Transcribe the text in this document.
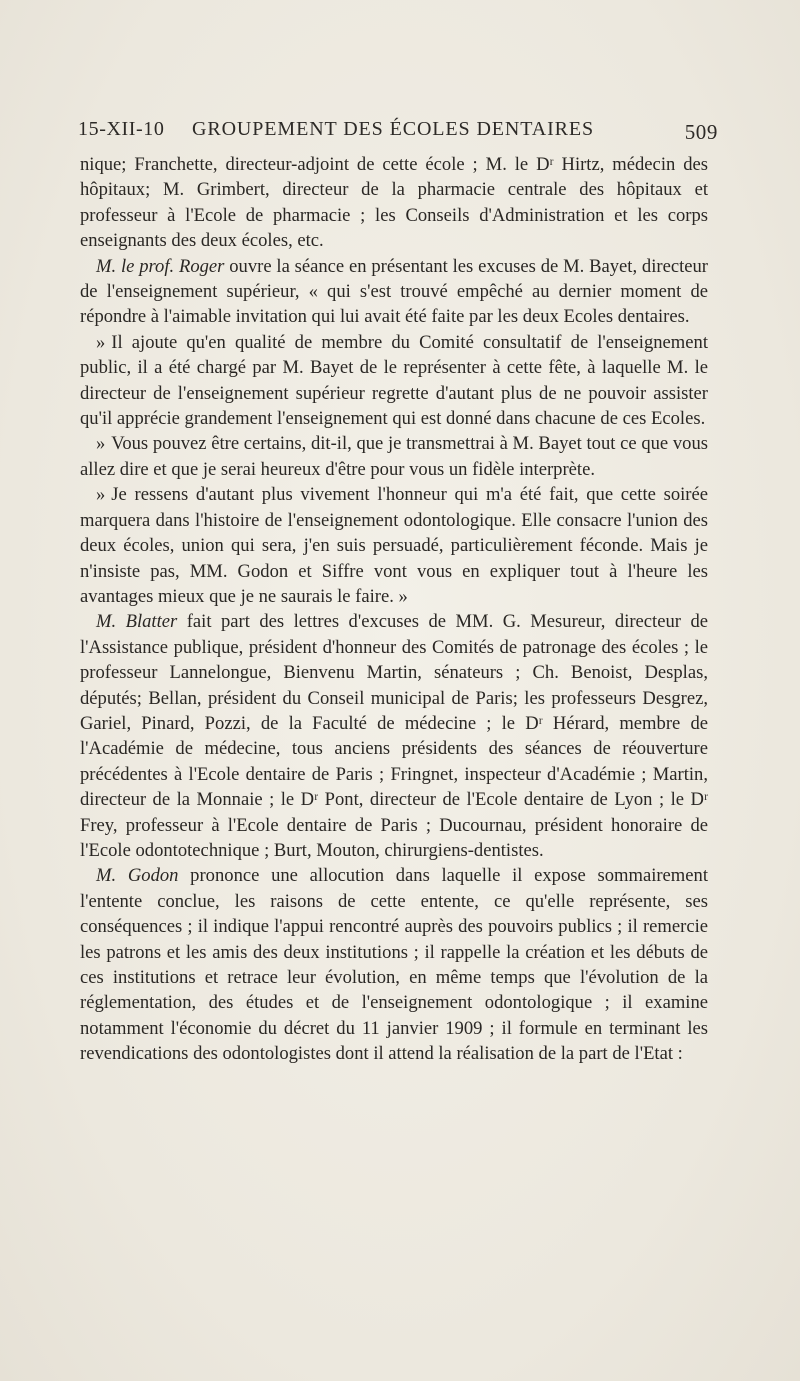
15-XII-10 GROUPEMENT DES ÉCOLES DENTAIRES	509

nique; Franchette, directeur-adjoint de cette école ; M. le Dʳ Hirtz, médecin des hôpitaux; M. Grimbert, directeur de la pharmacie centrale des hôpitaux et professeur à l'Ecole de pharmacie ; les Conseils d'Administration et les corps enseignants des deux écoles, etc.

M. le prof. Roger ouvre la séance en présentant les excuses de M. Bayet, directeur de l'enseignement supérieur, « qui s'est trouvé empêché au dernier moment de répondre à l'aimable invitation qui lui avait été faite par les deux Ecoles dentaires.

» Il ajoute qu'en qualité de membre du Comité consultatif de l'enseignement public, il a été chargé par M. Bayet de le représenter à cette fête, à laquelle M. le directeur de l'enseignement supérieur regrette d'autant plus de ne pouvoir assister qu'il apprécie grandement l'enseignement qui est donné dans chacune de ces Ecoles.

» Vous pouvez être certains, dit-il, que je transmettrai à M. Bayet tout ce que vous allez dire et que je serai heureux d'être pour vous un fidèle interprète.

» Je ressens d'autant plus vivement l'honneur qui m'a été fait, que cette soirée marquera dans l'histoire de l'enseignement odontologique. Elle consacre l'union des deux écoles, union qui sera, j'en suis persuadé, particulièrement féconde. Mais je n'insiste pas, MM. Godon et Siffre vont vous en expliquer tout à l'heure les avantages mieux que je ne saurais le faire. »

M. Blatter fait part des lettres d'excuses de MM. G. Mesureur, directeur de l'Assistance publique, président d'honneur des Comités de patronage des écoles ; le professeur Lannelongue, Bienvenu Martin, sénateurs ; Ch. Benoist, Desplas, députés; Bellan, président du Conseil municipal de Paris; les professeurs Desgrez, Gariel, Pinard, Pozzi, de la Faculté de médecine ; le Dʳ Hérard, membre de l'Académie de médecine, tous anciens présidents des séances de réouverture précédentes à l'Ecole dentaire de Paris ; Fringnet, inspecteur d'Académie ; Martin, directeur de la Monnaie ; le Dʳ Pont, directeur de l'Ecole dentaire de Lyon ; le Dʳ Frey, professeur à l'Ecole dentaire de Paris ; Ducournau, président honoraire de l'Ecole odontotechnique ; Burt, Mouton, chirurgiens-dentistes.

M. Godon prononce une allocution dans laquelle il expose sommairement l'entente conclue, les raisons de cette entente, ce qu'elle représente, ses conséquences ; il indique l'appui rencontré auprès des pouvoirs publics ; il remercie les patrons et les amis des deux institutions ; il rappelle la création et les débuts de ces institutions et retrace leur évolution, en même temps que l'évolution de la réglementation, des études et de l'enseignement odontologique ; il examine notamment l'économie du décret du 11 janvier 1909 ; il formule en terminant les revendications des odontologistes dont il attend la réalisation de la part de l'Etat :
